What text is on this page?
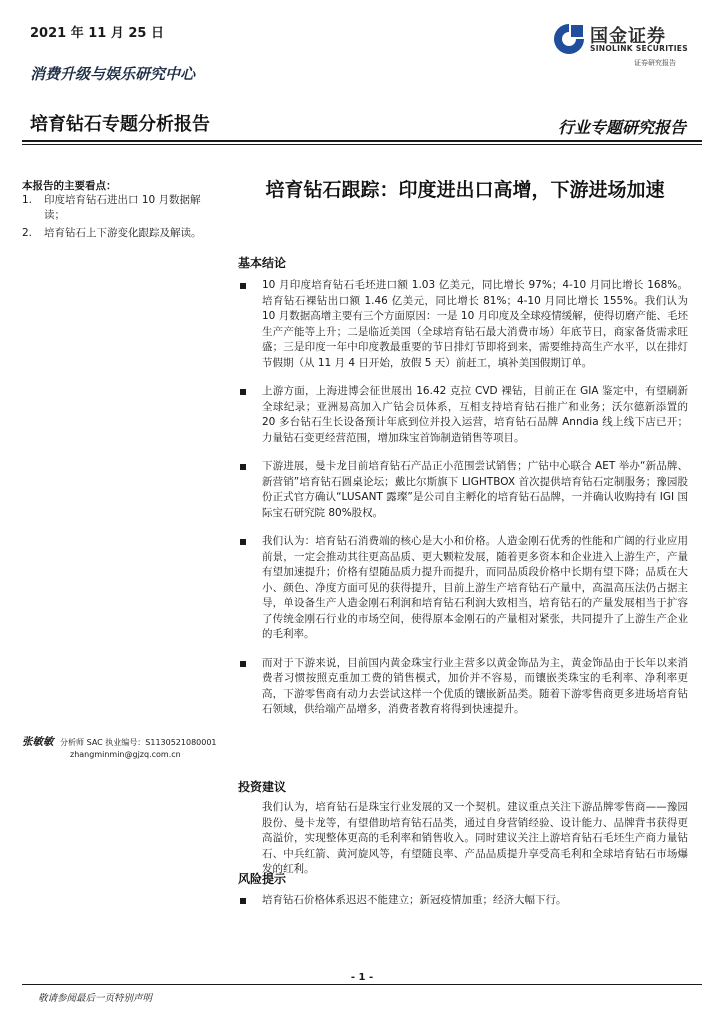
2021 年 11 月 25 日
消费升级与娱乐研究中心
培育钻石专题分析报告	行业专题研究报告
国金证券
SINOLINK SECURITIES
证券研究报告
本报告的主要看点：
1.	印度培育钻石进出口 10 月数据解读；
2.	培育钻石上下游变化跟踪及解读。
张敏敏 分析师 SAC 执业编号：S1130521080001
zhangminmin@gjzq.com.cn
培育钻石跟踪：印度进出口高增，下游进场加速
基本结论
10 月印度培育钻石毛坯进口额 1.03 亿美元，同比增长 97%；4-10 月同比增长 168%。培育钻石裸钻出口额 1.46 亿美元，同比增长 81%；4-10 月同比增长 155%。我们认为 10 月数据高增主要有三个方面原因：一是 10 月印度及全球疫情缓解，使得切磨产能、毛坯生产产能等上升；二是临近美国（全球培育钻石最大消费市场）年底节日，商家备货需求旺盛；三是印度一年中印度教最重要的节日排灯节即将到来，需要维持高生产水平，以在排灯节假期（从 11 月 4 日开始，放假 5 天）前赶工，填补美国假期订单。
上游方面，上海进博会征世展出 16.42 克拉 CVD 裸钻，目前正在 GIA 鉴定中，有望刷新全球纪录；亚洲易高加入广钻会员体系，互相支持培育钻石推广和业务；沃尔德新添置的 20 多台钻石生长设备预计年底到位并投入运营，培育钻石品牌 Anndia 线上线下店已开；力量钻石变更经营范围，增加珠宝首饰制造销售等项目。
下游进展，曼卡龙目前培育钻石产品正小范围尝试销售；广钻中心联合 AET 举办“新品牌、新营销”培育钻石圆桌论坛；戴比尔斯旗下 LIGHTBOX 首次提供培育钻石定制服务；豫园股份正式官方确认“LUSANT 露璨”是公司自主孵化的培育钻石品牌，一并确认收购持有 IGI 国际宝石研究院 80%股权。
我们认为：培育钻石消费端的核心是大小和价格。人造金刚石优秀的性能和广阔的行业应用前景，一定会推动其往更高品质、更大颗粒发展，随着更多资本和企业进入上游生产，产量有望加速提升；价格有望随品质力提升而提升，而同品质段价格中长期有望下降；品质在大小、颜色、净度方面可见的获得提升，目前上游生产培育钻石产量中，高温高压法仍占据主导，单设备生产人造金刚石利润和培育钻石利润大致相当，培育钻石的产量发展相当于扩容了传统金刚石行业的市场空间，使得原本金刚石的产量相对紧张，共同提升了上游生产企业的毛利率。
而对于下游来说，目前国内黄金珠宝行业主营多以黄金饰品为主，黄金饰品由于长年以来消费者习惯按照克重加工费的销售模式，加价并不容易，而镶嵌类珠宝的毛利率、净利率更高，下游零售商有动力去尝试这样一个优质的镶嵌新品类。随着下游零售商更多进场培育钻石领域，供给端产品增多，消费者教育将得到快速提升。
投资建议
我们认为，培育钻石是珠宝行业发展的又一个契机。建议重点关注下游品牌零售商——豫园股份、曼卡龙等，有望借助培育钻石品类，通过自身营销经验、设计能力、品牌背书获得更高溢价，实现整体更高的毛利率和销售收入。同时建议关注上游培育钻石毛坯生产商力量钻石、中兵红箭、黄河旋风等，有望随良率、产品品质提升享受高毛利和全球培育钻石市场爆发的红利。
风险提示
培育钻石价格体系迟迟不能建立；新冠疫情加重；经济大幅下行。
- 1 -
敬请参阅最后一页特别声明
